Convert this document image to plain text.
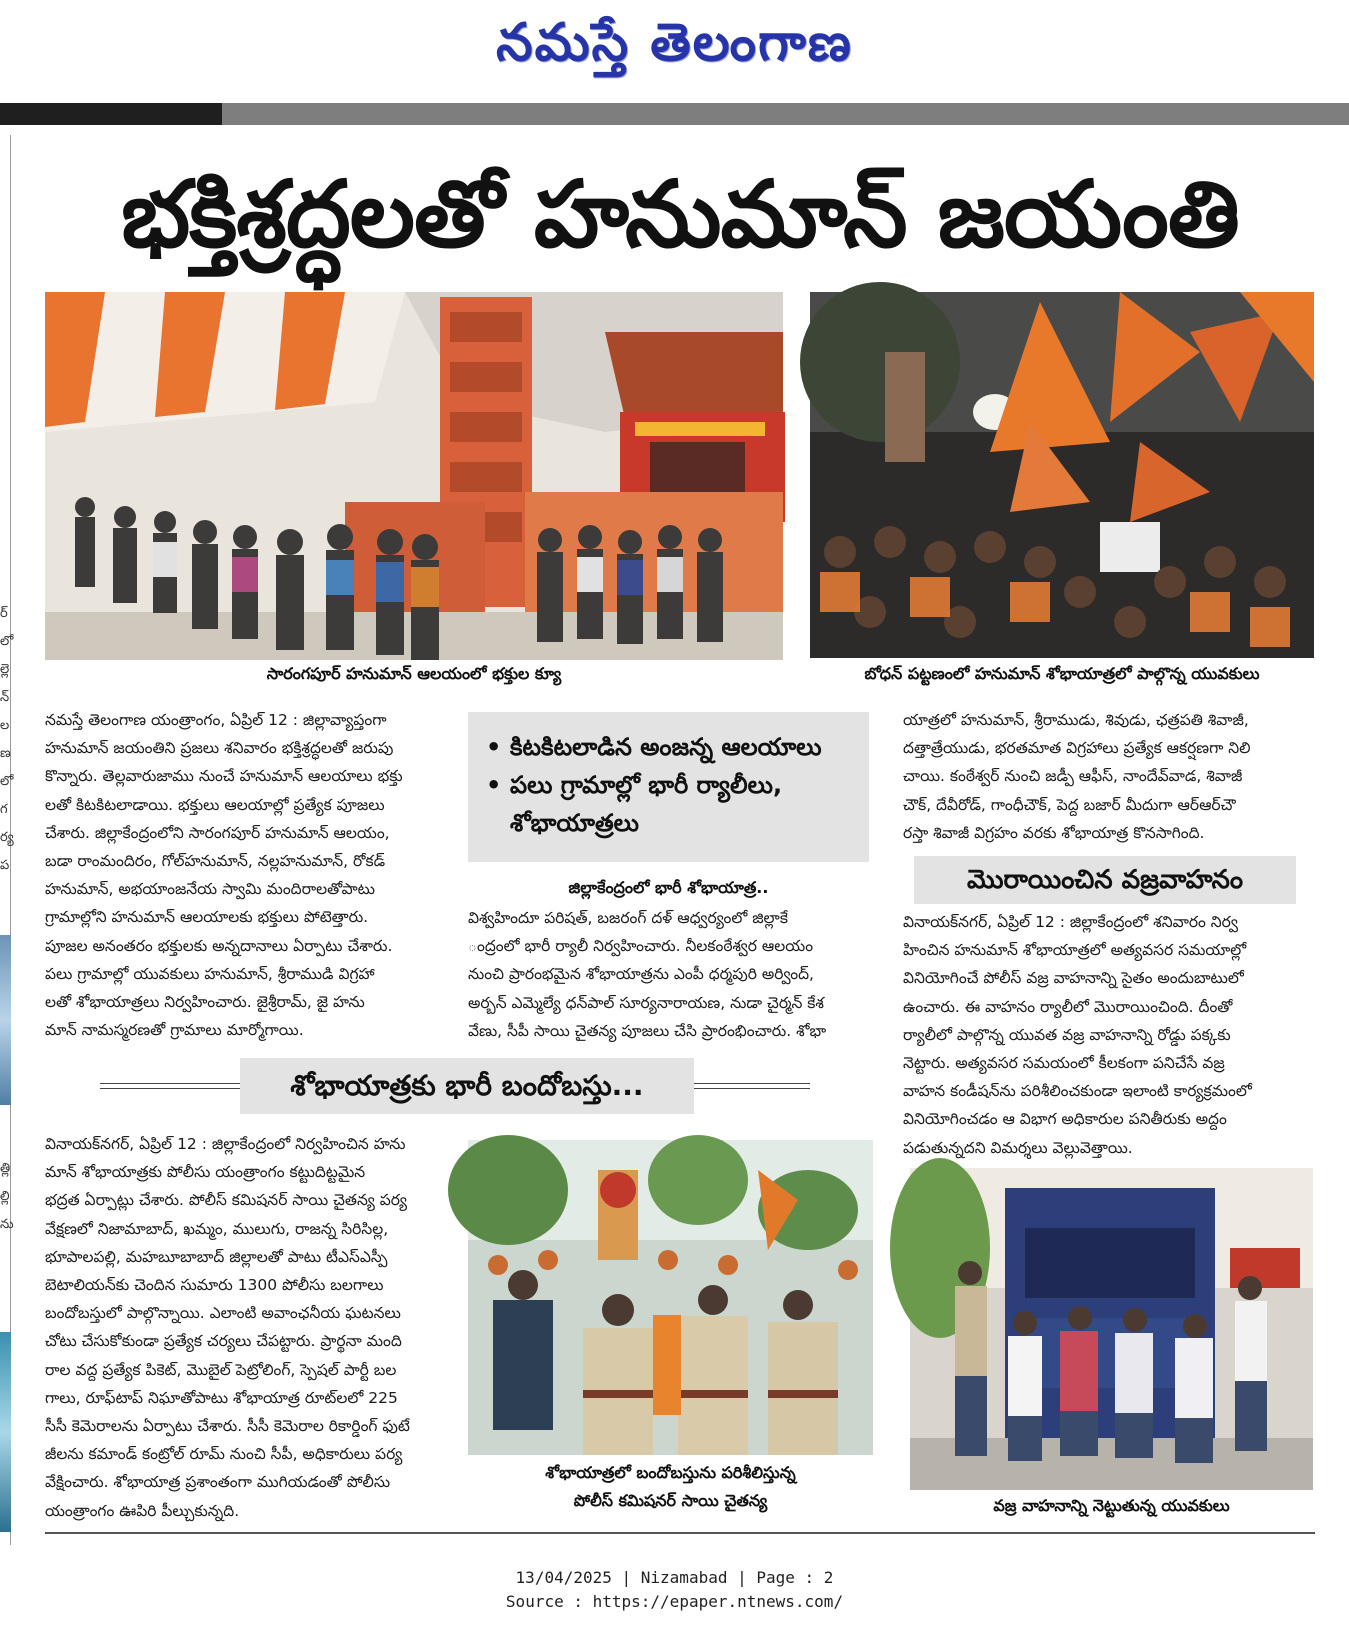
నమస్తే తెలంగాణ
ర్
లో
ల్లె
న్
ల
ణ
లో
గ
ర్య
ప
త్లి
ల్లి
ను
భక్తిశ్రద్ధలతో హనుమాన్ జయంతి
సారంగపూర్ హనుమాన్ ఆలయంలో భక్తుల క్యూ	బోధన్ పట్టణంలో హనుమాన్ శోభాయాత్రలో పాల్గొన్న యువకులు
నమస్తే తెలంగాణ యంత్రాంగం, ఏప్రిల్ 12 : జిల్లావ్యాప్తంగా
హనుమాన్ జయంతిని ప్రజలు శనివారం భక్తిశ్రద్ధలతో జరుపు
కొన్నారు. తెల్లవారుజాము నుంచే హనుమాన్ ఆలయాలు భక్తు
లతో కిటకిటలాడాయి. భక్తులు ఆలయాల్లో ప్రత్యేక పూజలు
చేశారు. జిల్లాకేంద్రంలోని సారంగపూర్ హనుమాన్ ఆలయం,
బడా రాంమందిరం, గోల్‌హనుమాన్, నల్లహనుమాన్, రోకడ్
హనుమాన్, అభయాంజనేయ స్వామి మందిరాలతోపాటు
గ్రామాల్లోని హనుమాన్ ఆలయాలకు భక్తులు పోటెత్తారు.
పూజల అనంతరం భక్తులకు అన్నదానాలు ఏర్పాటు చేశారు.
పలు గ్రామాల్లో యువకులు హనుమాన్, శ్రీరాముడి విగ్రహా
లతో శోభాయాత్రలు నిర్వహించారు. జైశ్రీరామ్, జై హను
మాన్ నామస్మరణతో గ్రామాలు మార్మోగాయి.
• కిటకిటలాడిన అంజన్న ఆలయాలు
• పలు గ్రామాల్లో భారీ ర్యాలీలు,
శోభాయాత్రలు
జిల్లాకేంద్రంలో భారీ శోభాయాత్ర..
విశ్వహిందూ పరిషత్, బజరంగ్ దళ్ ఆధ్వర్యంలో జిల్లాకే
ంద్రంలో భారీ ర్యాలీ నిర్వహించారు. నీలకంఠేశ్వర ఆలయం
నుంచి ప్రారంభమైన శోభాయాత్రను ఎంపీ ధర్మపురి అర్వింద్,
అర్బన్ ఎమ్మెల్యే ధన్‌పాల్ సూర్యనారాయణ, నుడా చైర్మన్ కేశ
వేణు, సీపీ సాయి చైతన్య పూజలు చేసి ప్రారంభించారు. శోభా
యాత్రలో హనుమాన్, శ్రీరాముడు, శివుడు, ఛత్రపతి శివాజీ,
దత్తాత్రేయుడు, భరతమాత విగ్రహాలు ప్రత్యేక ఆకర్షణగా నిలి
చాయి. కంఠేశ్వర్ నుంచి జడ్పీ ఆఫీస్, నాందేవ్‌వాడ, శివాజీ
చౌక్, దేవీరోడ్, గాంధీచౌక్, పెద్ద బజార్ మీదుగా ఆర్‌ఆర్‌చౌ
రస్తా శివాజీ విగ్రహం వరకు శోభాయాత్ర కొనసాగింది.
మొరాయించిన వజ్రవాహనం
వినాయక్‌నగర్, ఏప్రిల్ 12 : జిల్లాకేంద్రంలో శనివారం నిర్వ
హించిన హనుమాన్ శోభాయాత్రలో అత్యవసర సమయాల్లో
వినియోగించే పోలీస్ వజ్ర వాహనాన్ని సైతం అందుబాటులో
ఉంచారు. ఈ వాహనం ర్యాలీలో మొరాయించింది. దీంతో
ర్యాలీలో పాల్గొన్న యువత వజ్ర వాహనాన్ని రోడ్డు పక్కకు
నెట్టారు. అత్యవసర సమయంలో కీలకంగా పనిచేసే వజ్ర
వాహన కండీషన్‌ను పరిశీలించకుండా ఇలాంటి కార్యక్రమంలో
వినియోగించడం ఆ విభాగ అధికారుల పనితీరుకు అద్దం
పడుతున్నదని విమర్శలు వెల్లువెత్తాయి.
శోభాయాత్రకు భారీ బందోబస్తు...
వినాయక్‌నగర్, ఏప్రిల్ 12 : జిల్లాకేంద్రంలో నిర్వహించిన హను
మాన్ శోభాయాత్రకు పోలీసు యంత్రాంగం కట్టుదిట్టమైన
భద్రత ఏర్పాట్లు చేశారు. పోలీస్ కమిషనర్ సాయి చైతన్య పర్య
వేక్షణలో నిజామాబాద్, ఖమ్మం, ములుగు, రాజన్న సిరిసిల్ల,
భూపాలపల్లి, మహబూబాబాద్ జిల్లాలతో పాటు టీఎస్‌ఎస్పీ
బెటాలియన్‌కు చెందిన సుమారు 1300 పోలీసు బలగాలు
బందోబస్తులో పాల్గొన్నాయి. ఎలాంటి అవాంఛనీయ ఘటనలు
చోటు చేసుకోకుండా ప్రత్యేక చర్యలు చేపట్టారు. ప్రార్థనా మంది
రాల వద్ద ప్రత్యేక పికెట్, మొబైల్ పెట్రోలింగ్, స్పెషల్ పార్టీ బల
గాలు, రూఫ్‌టాప్ నిఘాతోపాటు శోభాయాత్ర రూట్‌లలో 225
సీసీ కెమెరాలను ఏర్పాటు చేశారు. సీసీ కెమెరాల రికార్డింగ్ ఫుటే
జీలను కమాండ్ కంట్రోల్ రూమ్ నుంచి సీపీ, అధికారులు పర్య
వేక్షించారు. శోభాయాత్ర ప్రశాంతంగా ముగియడంతో పోలీసు
యంత్రాంగం ఊపిరి పీల్చుకున్నది.
శోభాయాత్రలో బందోబస్తును పరిశీలిస్తున్న
పోలీస్ కమిషనర్ సాయి చైతన్య	వజ్ర వాహనాన్ని నెట్టుతున్న యువకులు
13/04/2025 | Nizamabad | Page : 2
Source : https://epaper.ntnews.com/
